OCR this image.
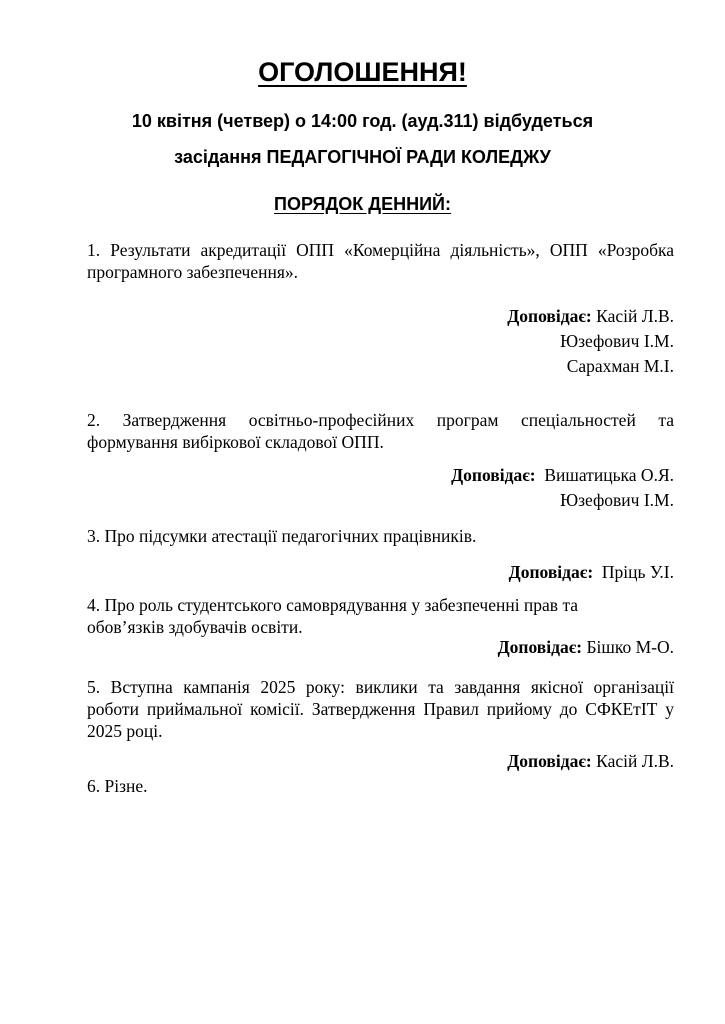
ОГОЛОШЕННЯ!
10 квітня (четвер) о 14:00 год. (ауд.311) відбудеться
засідання ПЕДАГОГІЧНОЇ РАДИ КОЛЕДЖУ
ПОРЯДОК ДЕННИЙ:
1. Результати акредитації ОПП «Комерційна діяльність», ОПП «Розробка програмного забезпечення».
Доповідає: Касій Л.В.
Юзефович І.М.
Сарахман М.І.
2. Затвердження освітньо-професійних програм спеціальностей та формування вибіркової складової ОПП.
Доповідає: Вишатицька О.Я.
Юзефович І.М.
3. Про підсумки атестації педагогічних працівників.
Доповідає: Пріць У.І.
4. Про роль студентського самоврядування у забезпеченні прав та
обов’язків здобувачів освіти.
Доповідає: Бішко М-О.
5. Вступна кампанія 2025 року: виклики та завдання якісної організації роботи приймальної комісії. Затвердження Правил прийому до СФКЕтІТ у 2025 році.
Доповідає: Касій Л.В.
6. Різне.
